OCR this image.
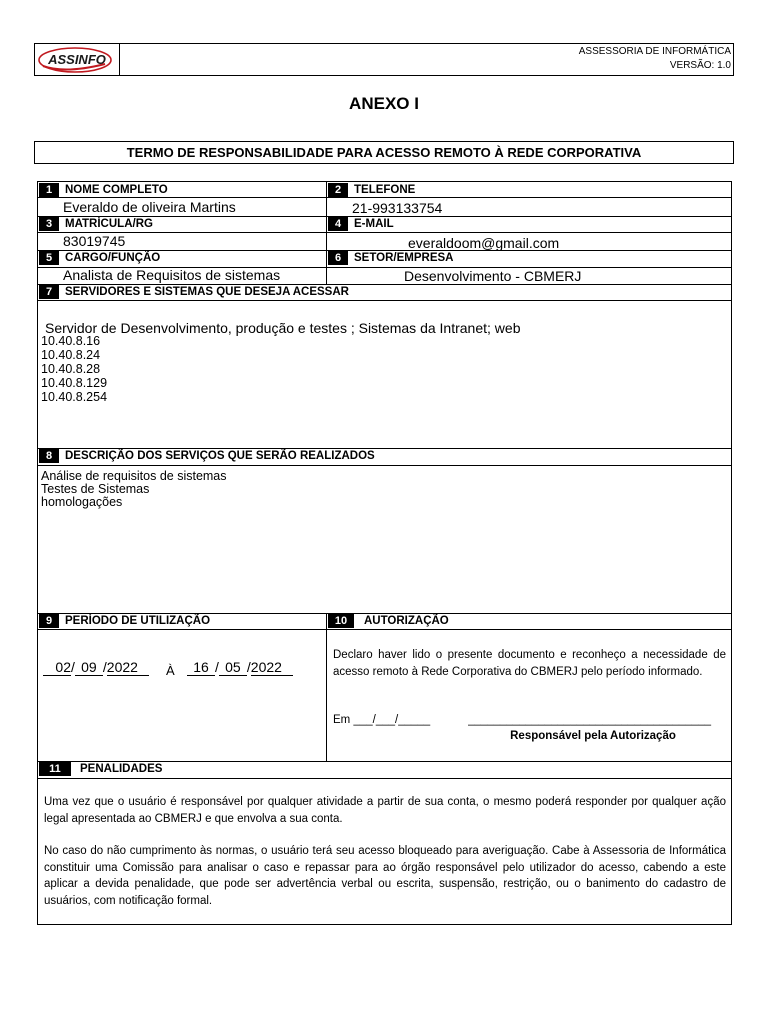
ASSINFO
ASSESSORIA DE INFORMÁTICA
VERSÃO: 1.0
ANEXO I
TERMO DE RESPONSABILIDADE PARA ACESSO REMOTO À REDE CORPORATIVA
1	NOME COMPLETO	2	TELEFONE
Everaldo de oliveira Martins	21-993133754
3	MATRÍCULA/RG	4	E-MAIL
83019745	everaldoom@gmail.com
5	CARGO/FUNÇÃO	6	SETOR/EMPRESA
Analista de Requisitos de sistemas	Desenvolvimento - CBMERJ
7	SERVIDORES E SISTEMAS QUE DESEJA ACESSAR
Servidor de Desenvolvimento, produção e testes ; Sistemas da Intranet; web
10.40.8.16
10.40.8.24
10.40.8.28
10.40.8.129
10.40.8.254
8	DESCRIÇÃO DOS SERVIÇOS QUE SERÃO REALIZADOS
Análise de requisitos de sistemas
Testes de Sistemas
homologações
9	PERÍODO DE UTILIZAÇÃO	10	AUTORIZAÇÃO
02/ 09 /2022	À	16 / 05 /2022
Declaro haver lido o presente documento e reconheço a necessidade de acesso remoto à Rede Corporativa do CBMERJ pelo período informado.
Em ___/___/_____	______________________________________
Responsável pela Autorização
11	PENALIDADES
Uma vez que o usuário é responsável por qualquer atividade a partir de sua conta, o mesmo poderá responder por qualquer ação legal apresentada ao CBMERJ e que envolva a sua conta.
No caso do não cumprimento às normas, o usuário terá seu acesso bloqueado para averiguação. Cabe à Assessoria de Informática constituir uma Comissão para analisar o caso e repassar para ao órgão responsável pelo utilizador do acesso, cabendo a este aplicar a devida penalidade, que pode ser advertência verbal ou escrita, suspensão, restrição, ou o banimento do cadastro de usuários, com notificação formal.
